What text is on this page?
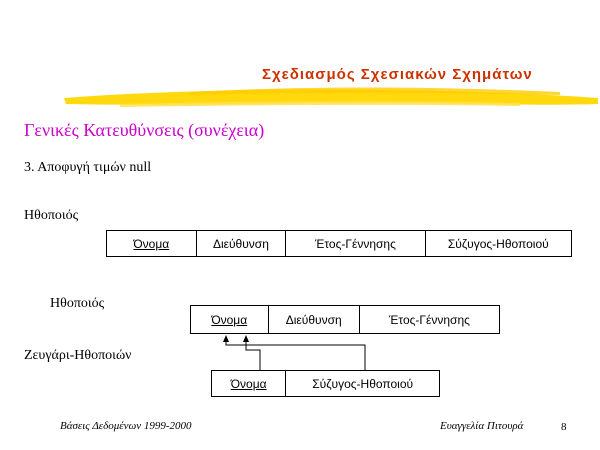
Σχεδιασμός Σχεσιακών Σχημάτων
Γενικές Κατευθύνσεις (συνέχεια)
3. Αποφυγή τιμών null
Ηθοποιός
Όνομα	Διεύθυνση	Έτος-Γέννησης	Σύζυγος-Ηθοποιού
Ηθοποιός
Όνομα	Διεύθυνση	Έτος-Γέννησης
Ζευγάρι-Ηθοποιών
Όνομα	Σύζυγος-Ηθοποιού
Βάσεις Δεδομένων 1999-2000	Ευαγγελία Πιτουρά	8
